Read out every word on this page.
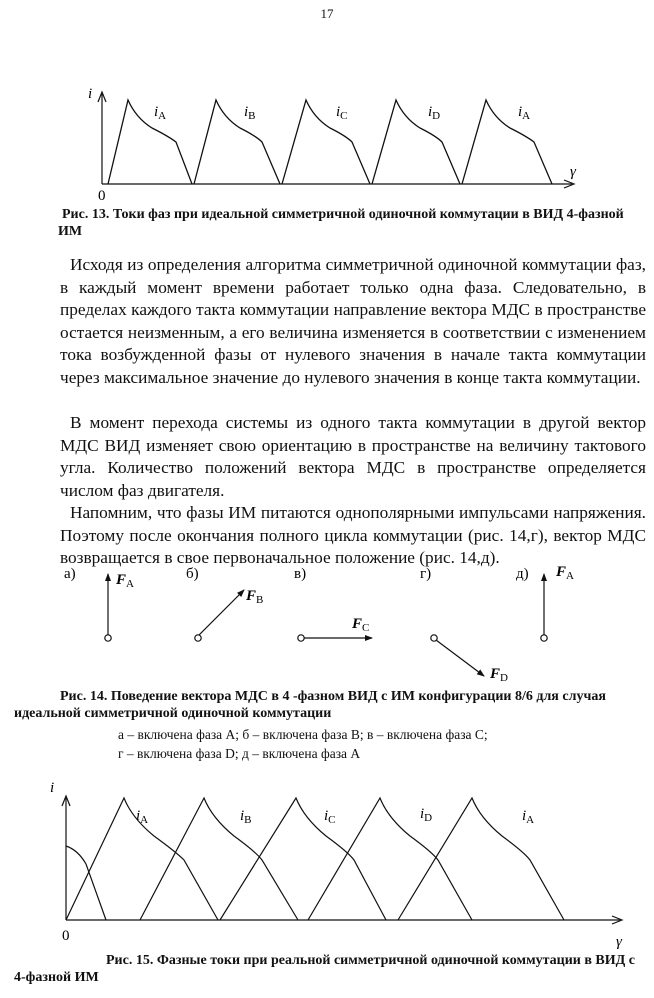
17
i
γ
0
$i_A$	$i_B$	$i_C$	$i_D$	$i_A$
Рис. 13. Токи фаз при идеальной симметричной одиночной коммутации в ВИД 4-фазной ИМ
Исходя из определения алгоритма симметричной одиночной коммутации фаз, в каждый момент времени работает только одна фаза. Следовательно, в пределах каждого такта коммутации направление вектора МДС в пространстве остается неизменным, а его величина изменяется в соответствии с изменением тока возбужденной фазы от нулевого значения в начале такта коммутации через максимальное значение до нулевого значения в конце такта коммутации.
В момент перехода системы из одного такта коммутации в другой вектор МДС ВИД изменяет свою ориентацию в пространстве на величину тактового угла. Количество положений вектора МДС в пространстве определяется числом фаз двигателя.
Напомним, что фазы ИМ питаются однополярными импульсами напряжения. Поэтому после окончания полного цикла коммутации (рис. 14,г), вектор МДС возвращается в свое первоначальное положение (рис. 14,д).
а)	б)	в)	г)	д)
$F_A$
$F_B$
$F_C$
$F_D$
$F_A$
Рис. 14. Поведение вектора МДС в 4 -фазном ВИД с ИМ конфигурации 8/6 для случая идеальной симметричной одиночной коммутации
а – включена фаза A; б – включена фаза B; в – включена фаза C;
г – включена фаза D; д – включена фаза A
i
γ
0
$i_A$	$i_B$	$i_C$	$i_D$	$i_A$
Рис. 15. Фазные токи при реальной симметричной одиночной коммутации в ВИД с 4-фазной ИМ
